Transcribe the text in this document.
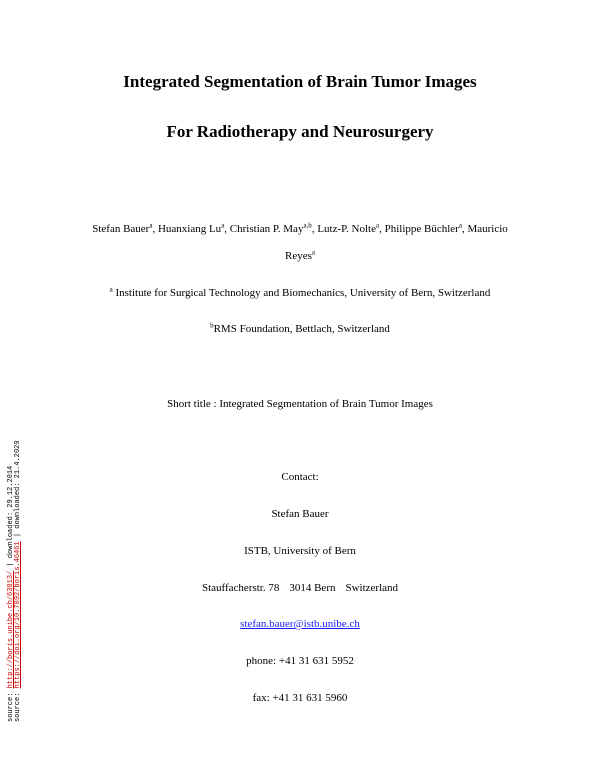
source: http://boris.unibe.ch/63013/ | downloaded: 29.12.2014
source: https://doi.org/10.7892/boris.46461 | downloaded: 21.4.2020
Integrated Segmentation of Brain Tumor Images
For Radiotherapy and Neurosurgery
Stefan Bauer$^a$, Huanxiang Lu$^a$, Christian P. May$^{a,b}$, Lutz-P. Nolte$^a$, Philippe Büchler$^a$, Mauricio
Reyes$^a$
$^a$ Institute for Surgical Technology and Biomechanics, University of Bern, Switzerland
$^b$RMS Foundation, Bettlach, Switzerland
Short title : Integrated Segmentation of Brain Tumor Images
Contact:
Stefan Bauer
ISTB, University of Bern
Stauffacherstr. 78 3014 Bern Switzerland
stefan.bauer@istb.unibe.ch
phone: +41 31 631 5952
fax: +41 31 631 5960
